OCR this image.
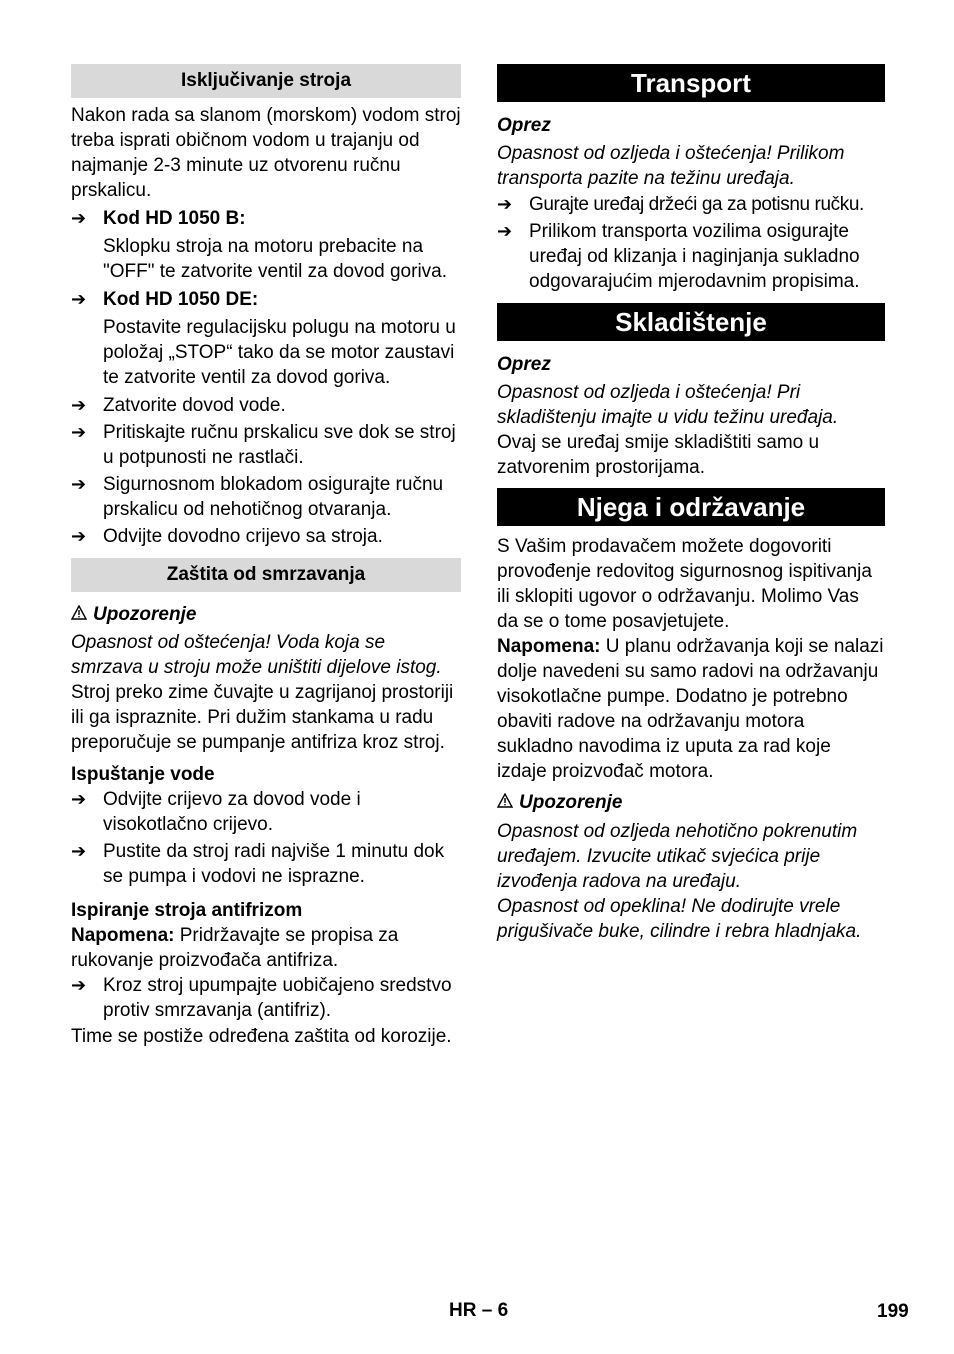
Isključivanje stroja

Nakon rada sa slanom (morskom) vodom stroj treba isprati običnom vodom u trajanju od najmanje 2-3 minute uz otvorenu ručnu prskalicu.

➔ Kod HD 1050 B:

Sklopku stroja na motoru prebacite na "OFF" te zatvorite ventil za dovod goriva.

➔ Kod HD 1050 DE:

Postavite regulacijsku polugu na motoru u položaj „STOP“ tako da se motor zaustavi te zatvorite ventil za dovod goriva.

➔ Zatvorite dovod vode.
➔ Pritiskajte ručnu prskalicu sve dok se stroj u potpunosti ne rastlači.
➔ Sigurnosnom blokadom osigurajte ručnu prskalicu od nehotičnog otvaranja.
➔ Odvijte dovodno crijevo sa stroja.
Zaštita od smrzavanja

Upozorenje

Opasnost od oštećenja! Voda koja se smrzava u stroju može uništiti dijelove istog.

Stroj preko zime čuvajte u zagrijanoj prostoriji ili ga ispraznite. Pri dužim stankama u radu preporučuje se pumpanje antifriza kroz stroj.

Ispuštanje vode

➔ Odvijte crijevo za dovod vode i visokotlačno crijevo.
➔ Pustite da stroj radi najviše 1 minutu dok se pumpa i vodovi ne isprazne.

Ispiranje stroja antifrizom

Napomena: Pridržavajte se propisa za rukovanje proizvođača antifriza.

➔ Kroz stroj upumpajte uobičajeno sredstvo protiv smrzavanja (antifriz).

Time se postiže određena zaštita od korozije.

Transport

Oprez

Opasnost od ozljeda i oštećenja! Prilikom transporta pazite na težinu uređaja.

➔ Gurajte uređaj držeći ga za potisnu ručku.
➔ Prilikom transporta vozilima osigurajte uređaj od klizanja i naginjanja sukladno odgovarajućim mjerodavnim propisima.
Skladištenje

Oprez

Opasnost od ozljeda i oštećenja! Pri skladištenju imajte u vidu težinu uređaja.

Ovaj se uređaj smije skladištiti samo u zatvorenim prostorijama.

Njega i održavanje

S Vašim prodavačem možete dogovoriti provođenje redovitog sigurnosnog ispitivanja ili sklopiti ugovor o održavanju. Molimo Vas da se o tome posavjetujete.

Napomena: U planu održavanja koji se nalazi dolje navedeni su samo radovi na održavanju visokotlačne pumpe. Dodatno je potrebno obaviti radove na održavanju motora sukladno navodima iz uputa za rad koje izdaje proizvođač motora.

Upozorenje

Opasnost od ozljeda nehotično pokrenutim uređajem. Izvucite utikač svjećica prije izvođenja radova na uređaju.

Opasnost od opeklina! Ne dodirujte vrele prigušivače buke, cilindre i rebra hladnjaka.

HR – 6	199
